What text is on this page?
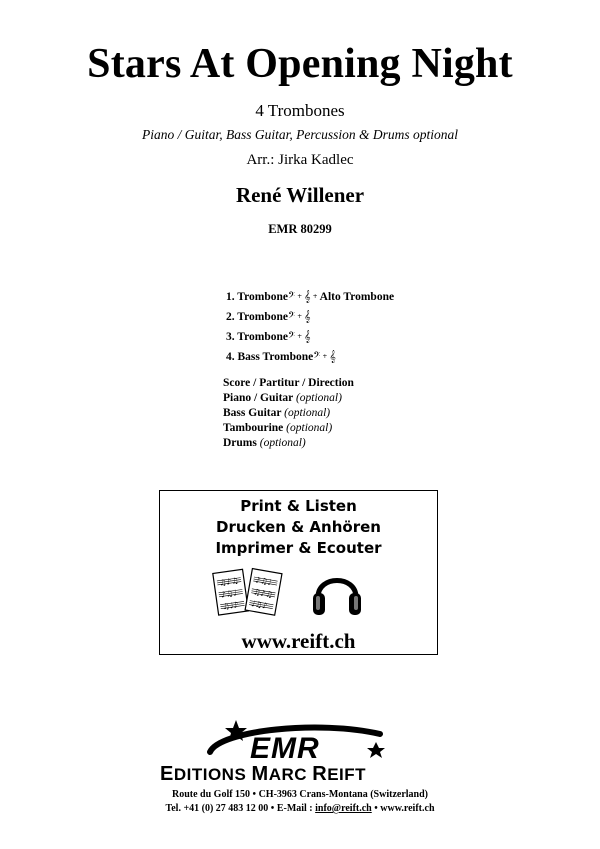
Stars At Opening Night
4 Trombones
Piano / Guitar, Bass Guitar, Percussion & Drums optional
Arr.: Jirka Kadlec
René Willener
EMR 80299
1. Trombone 𝄢 + 𝄞 + Alto Trombone
2. Trombone 𝄢 + 𝄞
3. Trombone 𝄢 + 𝄞
4. Bass Trombone 𝄢 + 𝄞
Score / Partitur / Direction
Piano / Guitar (optional)
Bass Guitar (optional)
Tambourine (optional)
Drums (optional)
Print & Listen
Drucken & Anhören
Imprimer & Ecouter
♫♪♫
♪♫♩
♫♩♪
♪♫♩
♫♪♫
♩♫♪
www.reift.ch
EMR
EDITIONS MARC REIFT
Route du Golf 150 • CH-3963 Crans-Montana (Switzerland)
Tel. +41 (0) 27 483 12 00 • E-Mail : info@reift.ch • www.reift.ch
